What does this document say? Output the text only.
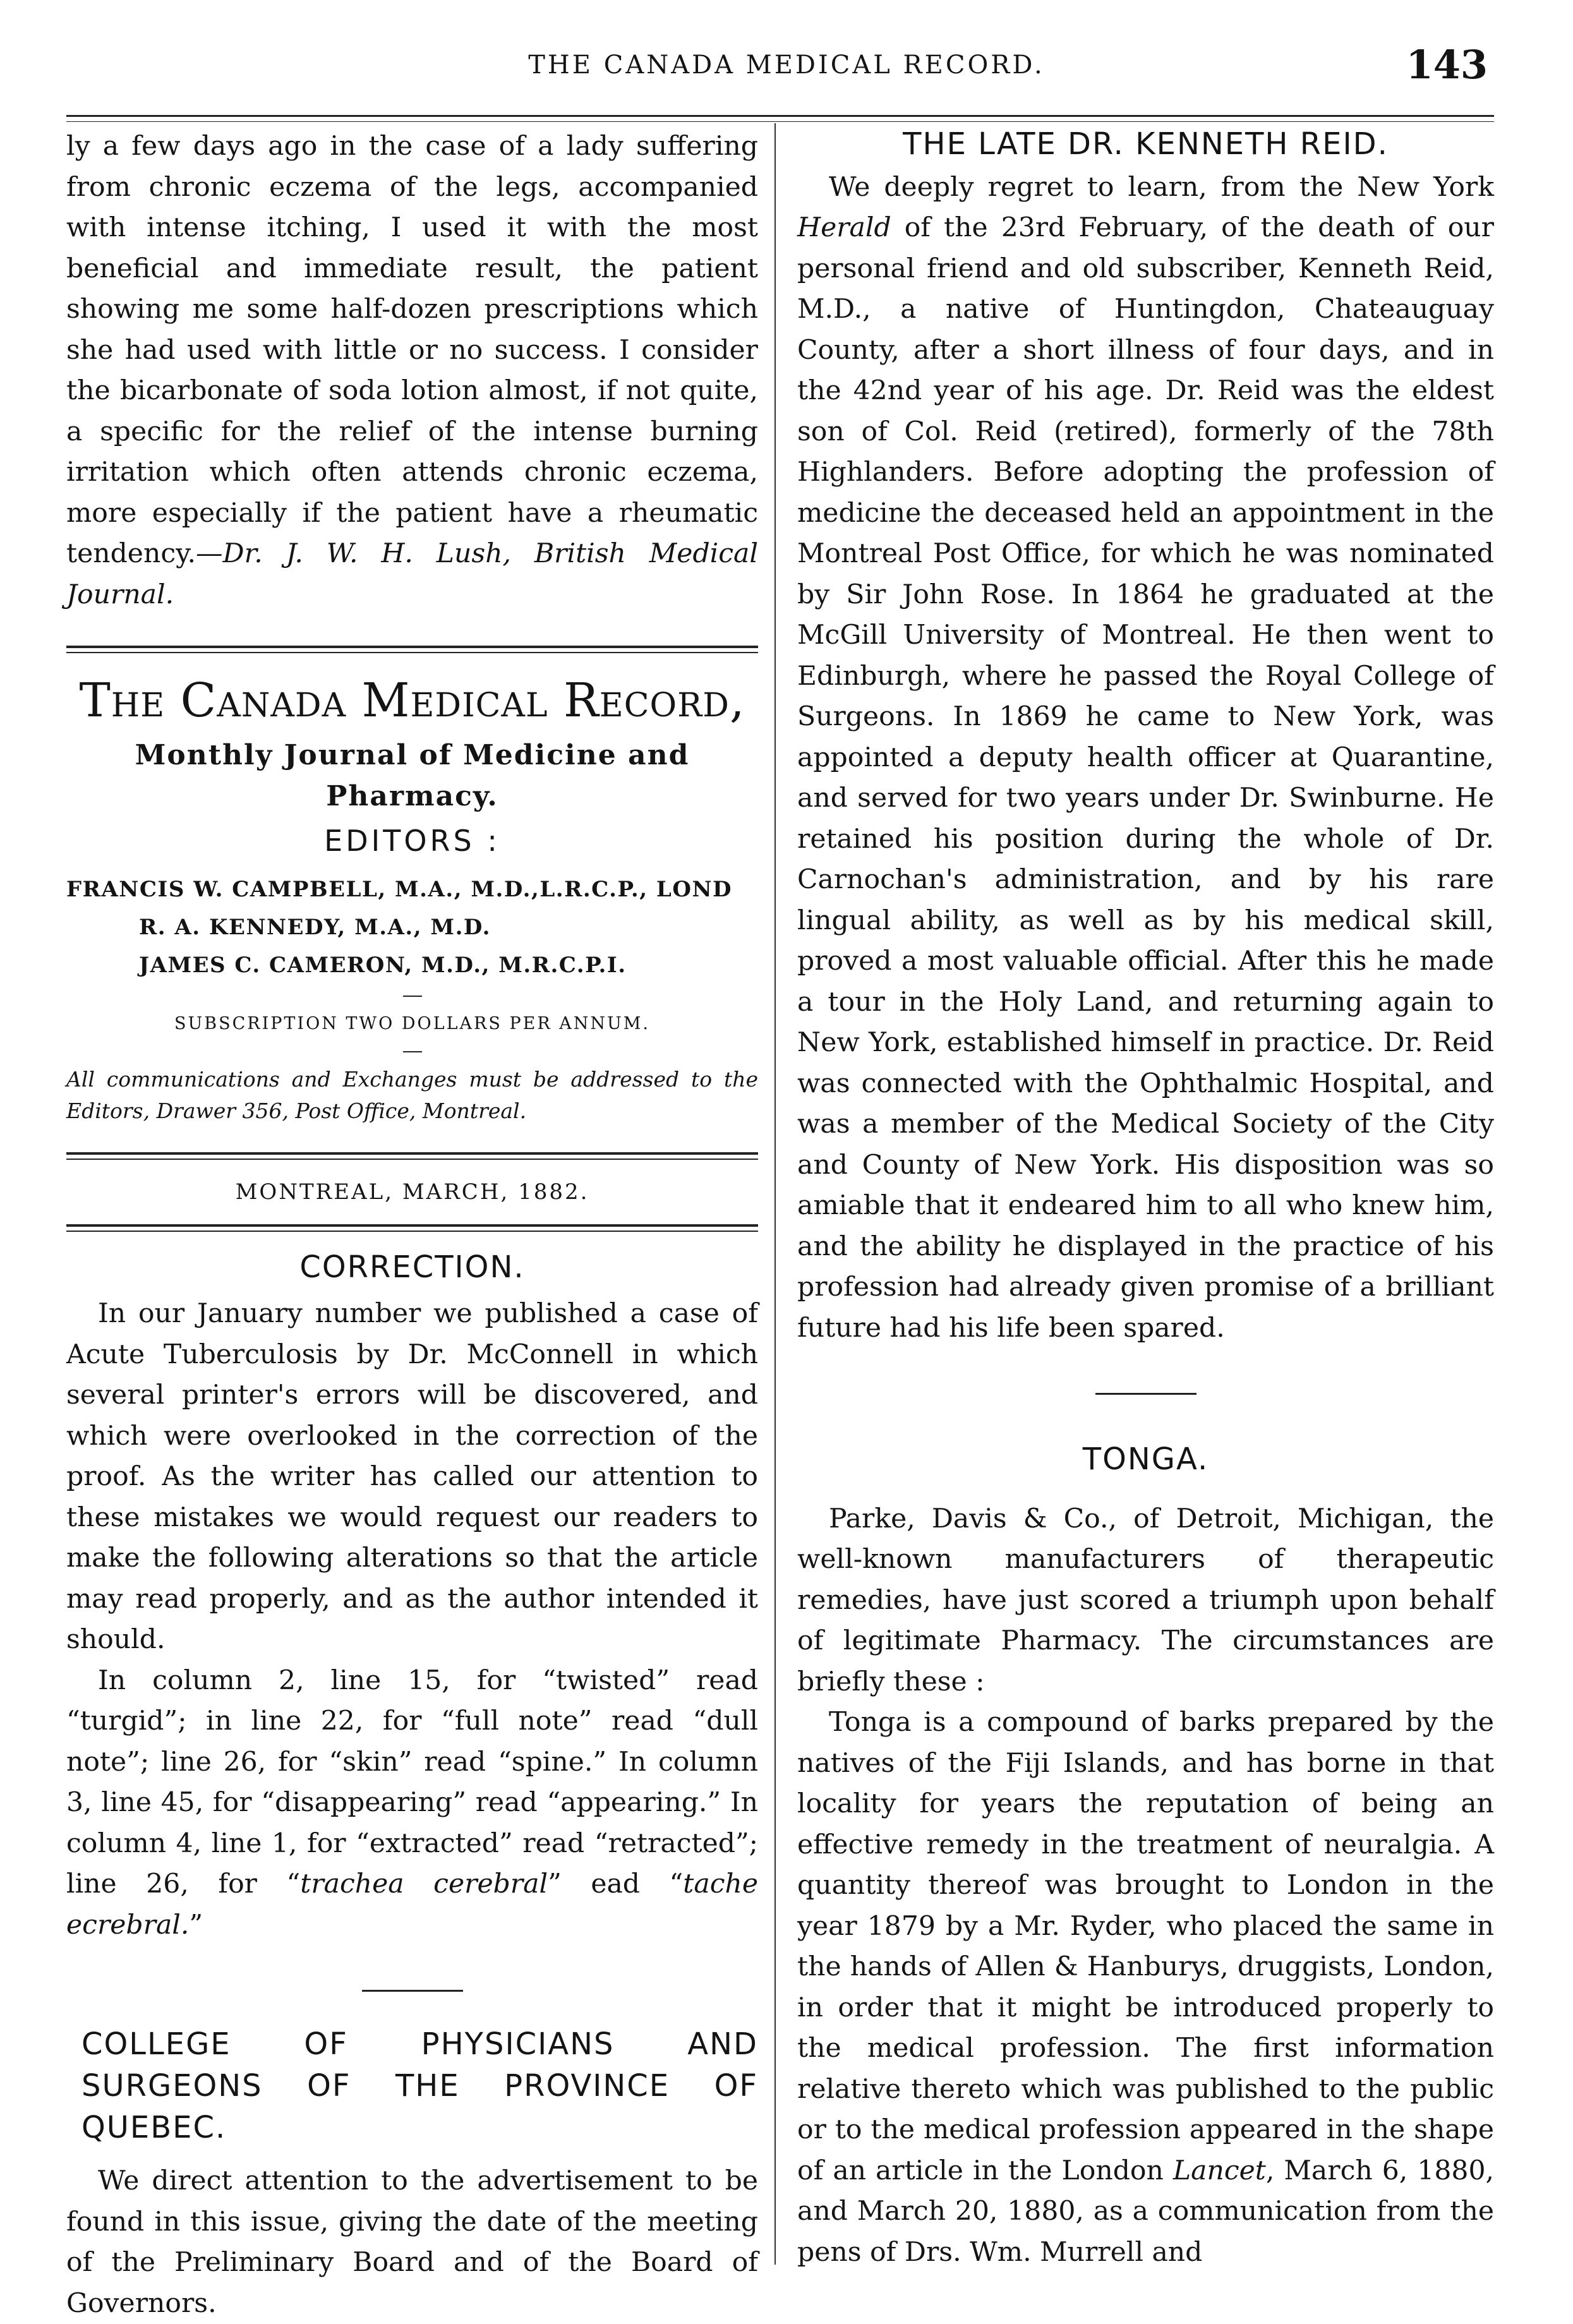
THE CANADA MEDICAL RECORD.	143

ly a few days ago in the case of a lady suffering from chronic eczema of the legs, accompanied with intense itching, I used it with the most beneficial and immediate result, the patient showing me some half-dozen prescriptions which she had used with little or no success. I consider the bicarbonate of soda lotion almost, if not quite, a specific for the relief of the intense burning irritation which often attends chronic eczema, more especially if the patient have a rheumatic tendency.—Dr. J. W. H. Lush, British Medical Journal.

The Canada Medical Record,
Monthly Journal of Medicine and Pharmacy.
EDITORS :
FRANCIS W. CAMPBELL, M.A., M.D.,L.R.C.P., LOND
R. A. KENNEDY, M.A., M.D.
JAMES C. CAMERON, M.D., M.R.C.P.I.
SUBSCRIPTION TWO DOLLARS PER ANNUM.
All communications and Exchanges must be addressed to the Editors, Drawer 356, Post Office, Montreal.
MONTREAL, MARCH, 1882.
CORRECTION.

In our January number we published a case of Acute Tuberculosis by Dr. McConnell in which several printer's errors will be discovered, and which were overlooked in the correction of the proof. As the writer has called our attention to these mistakes we would request our readers to make the following alterations so that the article may read properly, and as the author intended it should.

In column 2, line 15, for “twisted” read “turgid”; in line 22, for “full note” read “dull note”; line 26, for “skin” read “spine.” In column 3, line 45, for “disappearing” read “appearing.” In column 4, line 1, for “extracted” read “retracted”; line 26, for “trachea cerebral” ead “tache ecrebral.”

COLLEGE OF PHYSICIANS AND SURGEONS OF THE PROVINCE OF QUEBEC.

We direct attention to the advertisement to be found in this issue, giving the date of the meeting of the Preliminary Board and of the Board of Governors.

THE LATE DR. KENNETH REID.

We deeply regret to learn, from the New York Herald of the 23rd February, of the death of our personal friend and old subscriber, Kenneth Reid, M.D., a native of Huntingdon, Chateauguay County, after a short illness of four days, and in the 42nd year of his age. Dr. Reid was the eldest son of Col. Reid (retired), formerly of the 78th Highlanders. Before adopting the profession of medicine the deceased held an appointment in the Montreal Post Office, for which he was nominated by Sir John Rose. In 1864 he graduated at the McGill University of Montreal. He then went to Edinburgh, where he passed the Royal College of Surgeons. In 1869 he came to New York, was appointed a deputy health officer at Quarantine, and served for two years under Dr. Swinburne. He retained his position during the whole of Dr. Carnochan's administration, and by his rare lingual ability, as well as by his medical skill, proved a most valuable official. After this he made a tour in the Holy Land, and returning again to New York, established himself in practice. Dr. Reid was connected with the Ophthalmic Hospital, and was a member of the Medical Society of the City and County of New York. His disposition was so amiable that it endeared him to all who knew him, and the ability he displayed in the practice of his profession had already given promise of a brilliant future had his life been spared.

TONGA.

Parke, Davis & Co., of Detroit, Michigan, the well-known manufacturers of therapeutic remedies, have just scored a triumph upon behalf of legitimate Pharmacy. The circumstances are briefly these :

Tonga is a compound of barks prepared by the natives of the Fiji Islands, and has borne in that locality for years the reputation of being an effective remedy in the treatment of neuralgia. A quantity thereof was brought to London in the year 1879 by a Mr. Ryder, who placed the same in the hands of Allen & Hanburys, druggists, London, in order that it might be introduced properly to the medical profession. The first information relative thereto which was published to the public or to the medical profession appeared in the shape of an article in the London Lancet, March 6, 1880, and March 20, 1880, as a communication from the pens of Drs. Wm. Murrell and
